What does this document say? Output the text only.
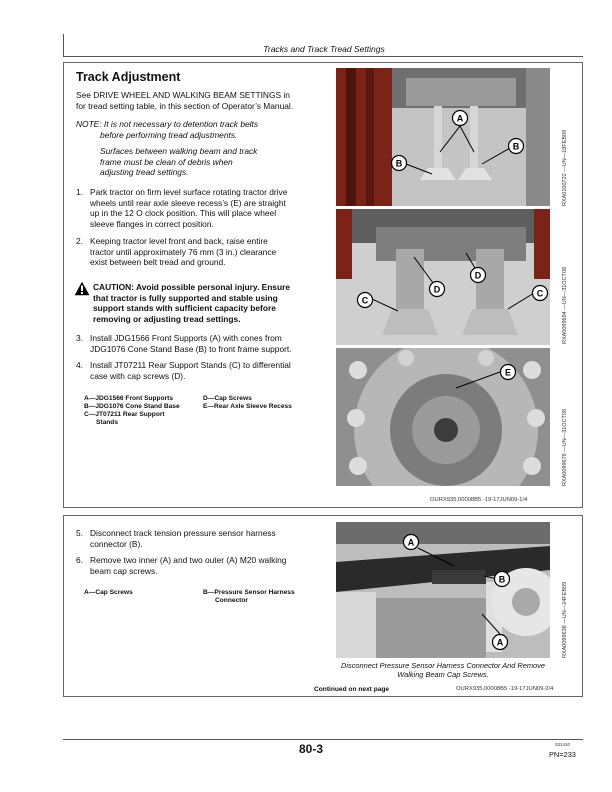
Tracks and Track Tread Settings
Track Adjustment
See DRIVE WHEEL AND WALKING BEAM SETTINGS in
for tread setting table, in this section of Operator’s Manual.
NOTE: It is not necessary to detention track belts
before performing tread adjustments.
Surfaces between walking beam and track
frame must be clean of debris when
adjusting tread settings.
1. Park tractor on firm level surface rotating tractor drive
wheels until rear axle sleeve recess’s (E) are straight
up in the 12 O clock position. This will place wheel
sleeve flanges in correct position.
2. Keeping tractor level front and back, raise entire
tractor until approximately 76 mm (3 in.) clearance
exist between belt tread and ground.
CAUTION: Avoid possible personal injury. Ensure
that tractor is fully supported and stable using
support stands with sufficient capacity before
removing or adjusting tread settings.
3. Install JDG1566 Front Supports (A) with cones from
JDG1076 Cone Stand Base (B) to front frame support.
4. Install JT07211 Rear Support Stands (C) to differential
case with cap screws (D).
A—JDG1566 Front Supports
B—JDG1076 Cone Stand Base
C—JT07211 Rear Support
Stands
D—Cap Screws
E—Rear Axle Sleeve Recess
A
B
B	RXA0100722 —UN—19FEB09
C
D
D
C	RXA0099694 —UN—31OCT08
E
RXA0099679 —UN—31OCT08
OURX935,00008B5 -19-17JUN09-1/4
5. Disconnect track tension pressure sensor harness
connector (B).
6. Remove two inner (A) and two outer (A) M20 walking
beam cap screws.
A—Cap Screws	B—Pressure Sensor Harness
Connector
A
B
A	RXA0099638 —UN—24FEB09
Disconnect Pressure Sensor Harness Connector And Remove
Walking Beam Cap Screws.
Continued on next page	OURX935,00008B5 -19-17JUN09-2/4
80-3	031410
PN=233
